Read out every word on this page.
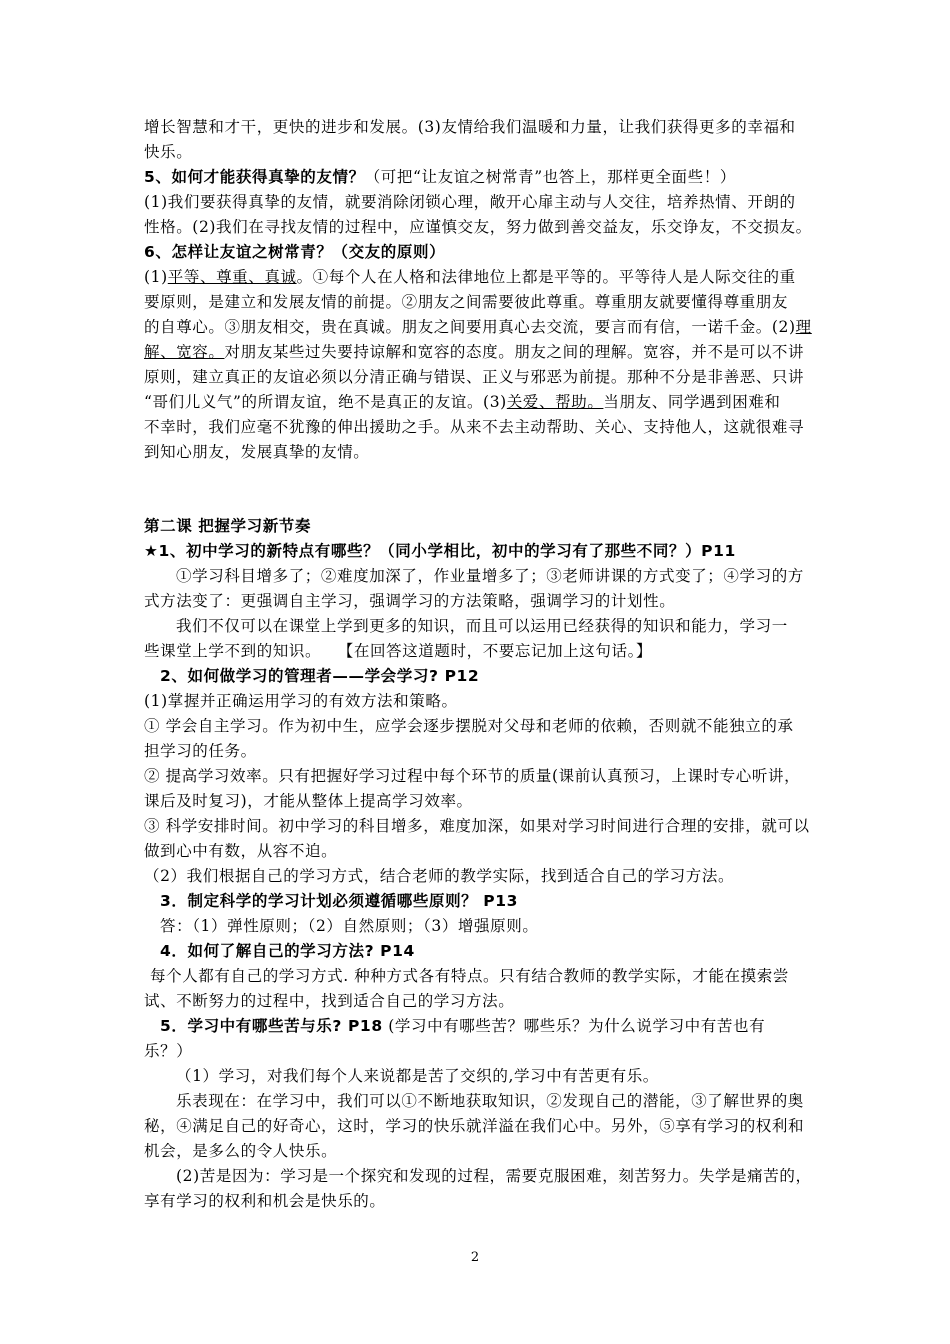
增长智慧和才干，更快的进步和发展。(3)友情给我们温暖和力量，让我们获得更多的幸福和
快乐。
5、如何才能获得真挚的友情？（可把“让友谊之树常青”也答上，那样更全面些！）
(1)我们要获得真挚的友情，就要消除闭锁心理，敞开心扉主动与人交往，培养热情、开朗的
性格。(2)我们在寻找友情的过程中，应谨慎交友，努力做到善交益友，乐交诤友，不交损友。
6、怎样让友谊之树常青？（交友的原则）
(1)平等、尊重、真诚。①每个人在人格和法律地位上都是平等的。平等待人是人际交往的重
要原则，是建立和发展友情的前提。②朋友之间需要彼此尊重。尊重朋友就要懂得尊重朋友
的自尊心。③朋友相交，贵在真诚。朋友之间要用真心去交流，要言而有信，一诺千金。(2)理
解、宽容。对朋友某些过失要持谅解和宽容的态度。朋友之间的理解。宽容，并不是可以不讲
原则，建立真正的友谊必须以分清正确与错误、正义与邪恶为前提。那种不分是非善恶、只讲
“哥们儿义气”的所谓友谊，绝不是真正的友谊。(3)关爱、帮助。当朋友、同学遇到困难和
不幸时，我们应毫不犹豫的伸出援助之手。从来不去主动帮助、关心、支持他人，这就很难寻
到知心朋友，发展真挚的友情。
第二课 把握学习新节奏
★1、初中学习的新特点有哪些？（同小学相比，初中的学习有了那些不同？）P11
①学习科目增多了；②难度加深了，作业量增多了；③老师讲课的方式变了；④学习的方
式方法变了：更强调自主学习，强调学习的方法策略，强调学习的计划性。
我们不仅可以在课堂上学到更多的知识，而且可以运用已经获得的知识和能力，学习一
些课堂上学不到的知识。　　【在回答这道题时，不要忘记加上这句话。】
2、如何做学习的管理者——学会学习? P12
(1)掌握并正确运用学习的有效方法和策略。
① 学会自主学习。作为初中生，应学会逐步摆脱对父母和老师的依赖，否则就不能独立的承
担学习的任务。
② 提高学习效率。只有把握好学习过程中每个环节的质量(课前认真预习，上课时专心听讲，
课后及时复习)，才能从整体上提高学习效率。
③ 科学安排时间。初中学习的科目增多，难度加深，如果对学习时间进行合理的安排，就可以
做到心中有数，从容不迫。
（2）我们根据自己的学习方式，结合老师的教学实际，找到适合自己的学习方法。
3．制定科学的学习计划必须遵循哪些原则？ P13
答：（1）弹性原则；（2）自然原则；（3）增强原则。
4．如何了解自己的学习方法? P14
每个人都有自己的学习方式. 种种方式各有特点。只有结合教师的教学实际，才能在摸索尝
试、不断努力的过程中，找到适合自己的学习方法。
5．学习中有哪些苦与乐? P18 (学习中有哪些苦？哪些乐？为什么说学习中有苦也有
乐？）
（1）学习，对我们每个人来说都是苦了交织的,学习中有苦更有乐。
乐表现在：在学习中，我们可以①不断地获取知识，②发现自己的潜能，③了解世界的奥
秘，④满足自己的好奇心，这时，学习的快乐就洋溢在我们心中。另外，⑤享有学习的权利和
机会，是多么的令人快乐。
(2)苦是因为：学习是一个探究和发现的过程，需要克服困难，刻苦努力。失学是痛苦的，
享有学习的权利和机会是快乐的。
2
